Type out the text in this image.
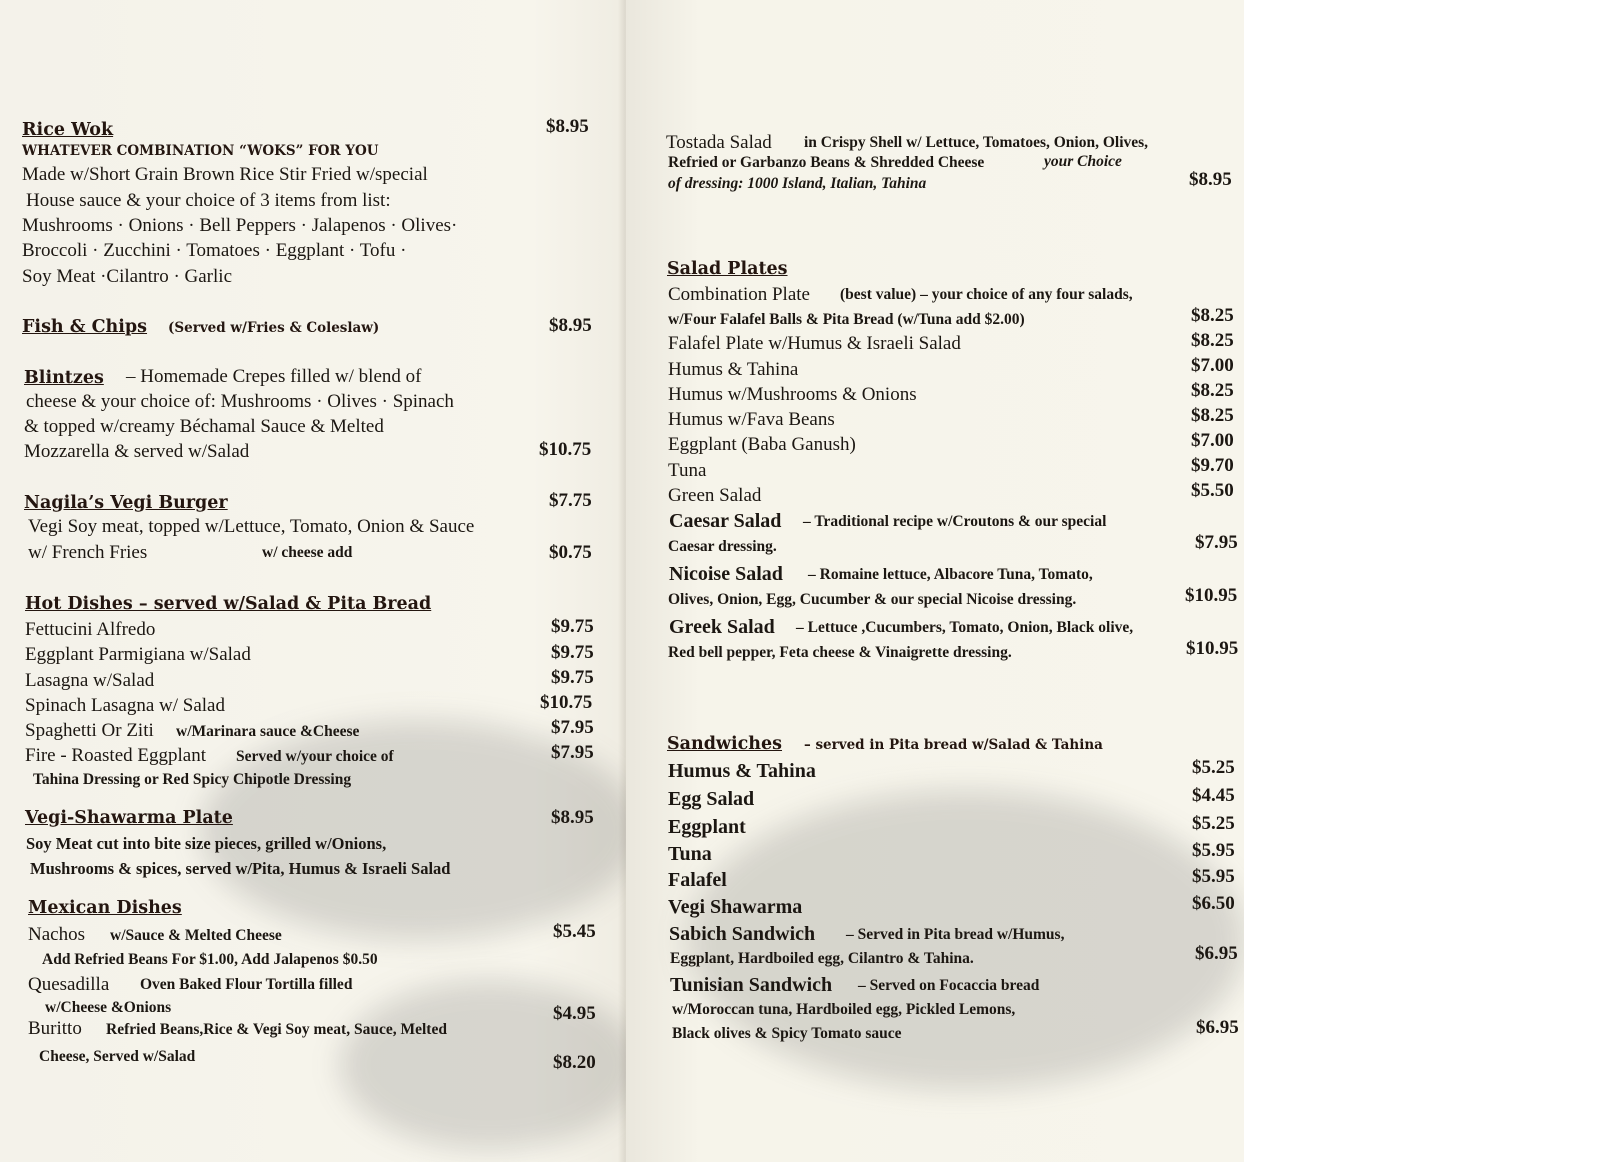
Rice Wok	$8.95
WHATEVER COMBINATION “WOKS” FOR YOU
Made w/Short Grain Brown Rice Stir Fried w/special
House sauce & your choice of 3 items from list:
Mushrooms · Onions · Bell Peppers · Jalapenos · Olives·
Broccoli · Zucchini · Tomatoes · Eggplant · Tofu ·
Soy Meat ·Cilantro · Garlic
Fish & Chips (Served w/Fries & Coleslaw)	$8.95
Blintzes – Homemade Crepes filled w/ blend of
cheese & your choice of: Mushrooms · Olives · Spinach
& topped w/creamy Béchamal Sauce & Melted
Mozzarella & served w/Salad	$10.75
Nagila’s Vegi Burger	$7.75
Vegi Soy meat, topped w/Lettuce, Tomato, Onion & Sauce
w/ French Fries	w/ cheese add	$0.75
Hot Dishes – served w/Salad & Pita Bread
Fettucini Alfredo	$9.75
Eggplant Parmigiana w/Salad	$9.75
Lasagna w/Salad	$9.75
Spinach Lasagna w/ Salad	$10.75
Spaghetti Or Ziti w/Marinara sauce &Cheese	$7.95
Fire - Roasted Eggplant Served w/your choice of	$7.95
Tahina Dressing or Red Spicy Chipotle Dressing
Vegi-Shawarma Plate	$8.95
Soy Meat cut into bite size pieces, grilled w/Onions,
Mushrooms & spices, served w/Pita, Humus & Israeli Salad
Mexican Dishes
Nachos w/Sauce & Melted Cheese	$5.45
Add Refried Beans For $1.00, Add Jalapenos $0.50
Quesadilla Oven Baked Flour Tortilla filled
w/Cheese &Onions	$4.95
Buritto Refried Beans,Rice & Vegi Soy meat, Sauce, Melted
Cheese, Served w/Salad	$8.20
Tostada Salad in Crispy Shell w/ Lettuce, Tomatoes, Onion, Olives,
Refried or Garbanzo Beans & Shredded Cheese	your Choice
of dressing: 1000 Island, Italian, Tahina	$8.95
Salad Plates
Combination Plate (best value) – your choice of any four salads,
w/Four Falafel Balls & Pita Bread (w/Tuna add $2.00)	$8.25
Falafel Plate w/Humus & Israeli Salad	$8.25
Humus & Tahina	$7.00
Humus w/Mushrooms & Onions	$8.25
Humus w/Fava Beans	$8.25
Eggplant (Baba Ganush)	$7.00
Tuna	$9.70
Green Salad	$5.50
Caesar Salad – Traditional recipe w/Croutons & our special
Caesar dressing.	$7.95
Nicoise Salad – Romaine lettuce, Albacore Tuna, Tomato,
Olives, Onion, Egg, Cucumber & our special Nicoise dressing.	$10.95
Greek Salad – Lettuce ,Cucumbers, Tomato, Onion, Black olive,
Red bell pepper, Feta cheese & Vinaigrette dressing.	$10.95
Sandwiches – served in Pita bread w/Salad & Tahina
Humus & Tahina	$5.25
Egg Salad	$4.45
Eggplant	$5.25
Tuna	$5.95
Falafel	$5.95
Vegi Shawarma	$6.50
Sabich Sandwich – Served in Pita bread w/Humus,
Eggplant, Hardboiled egg, Cilantro & Tahina.	$6.95
Tunisian Sandwich – Served on Focaccia bread
w/Moroccan tuna, Hardboiled egg, Pickled Lemons,
Black olives & Spicy Tomato sauce	$6.95
